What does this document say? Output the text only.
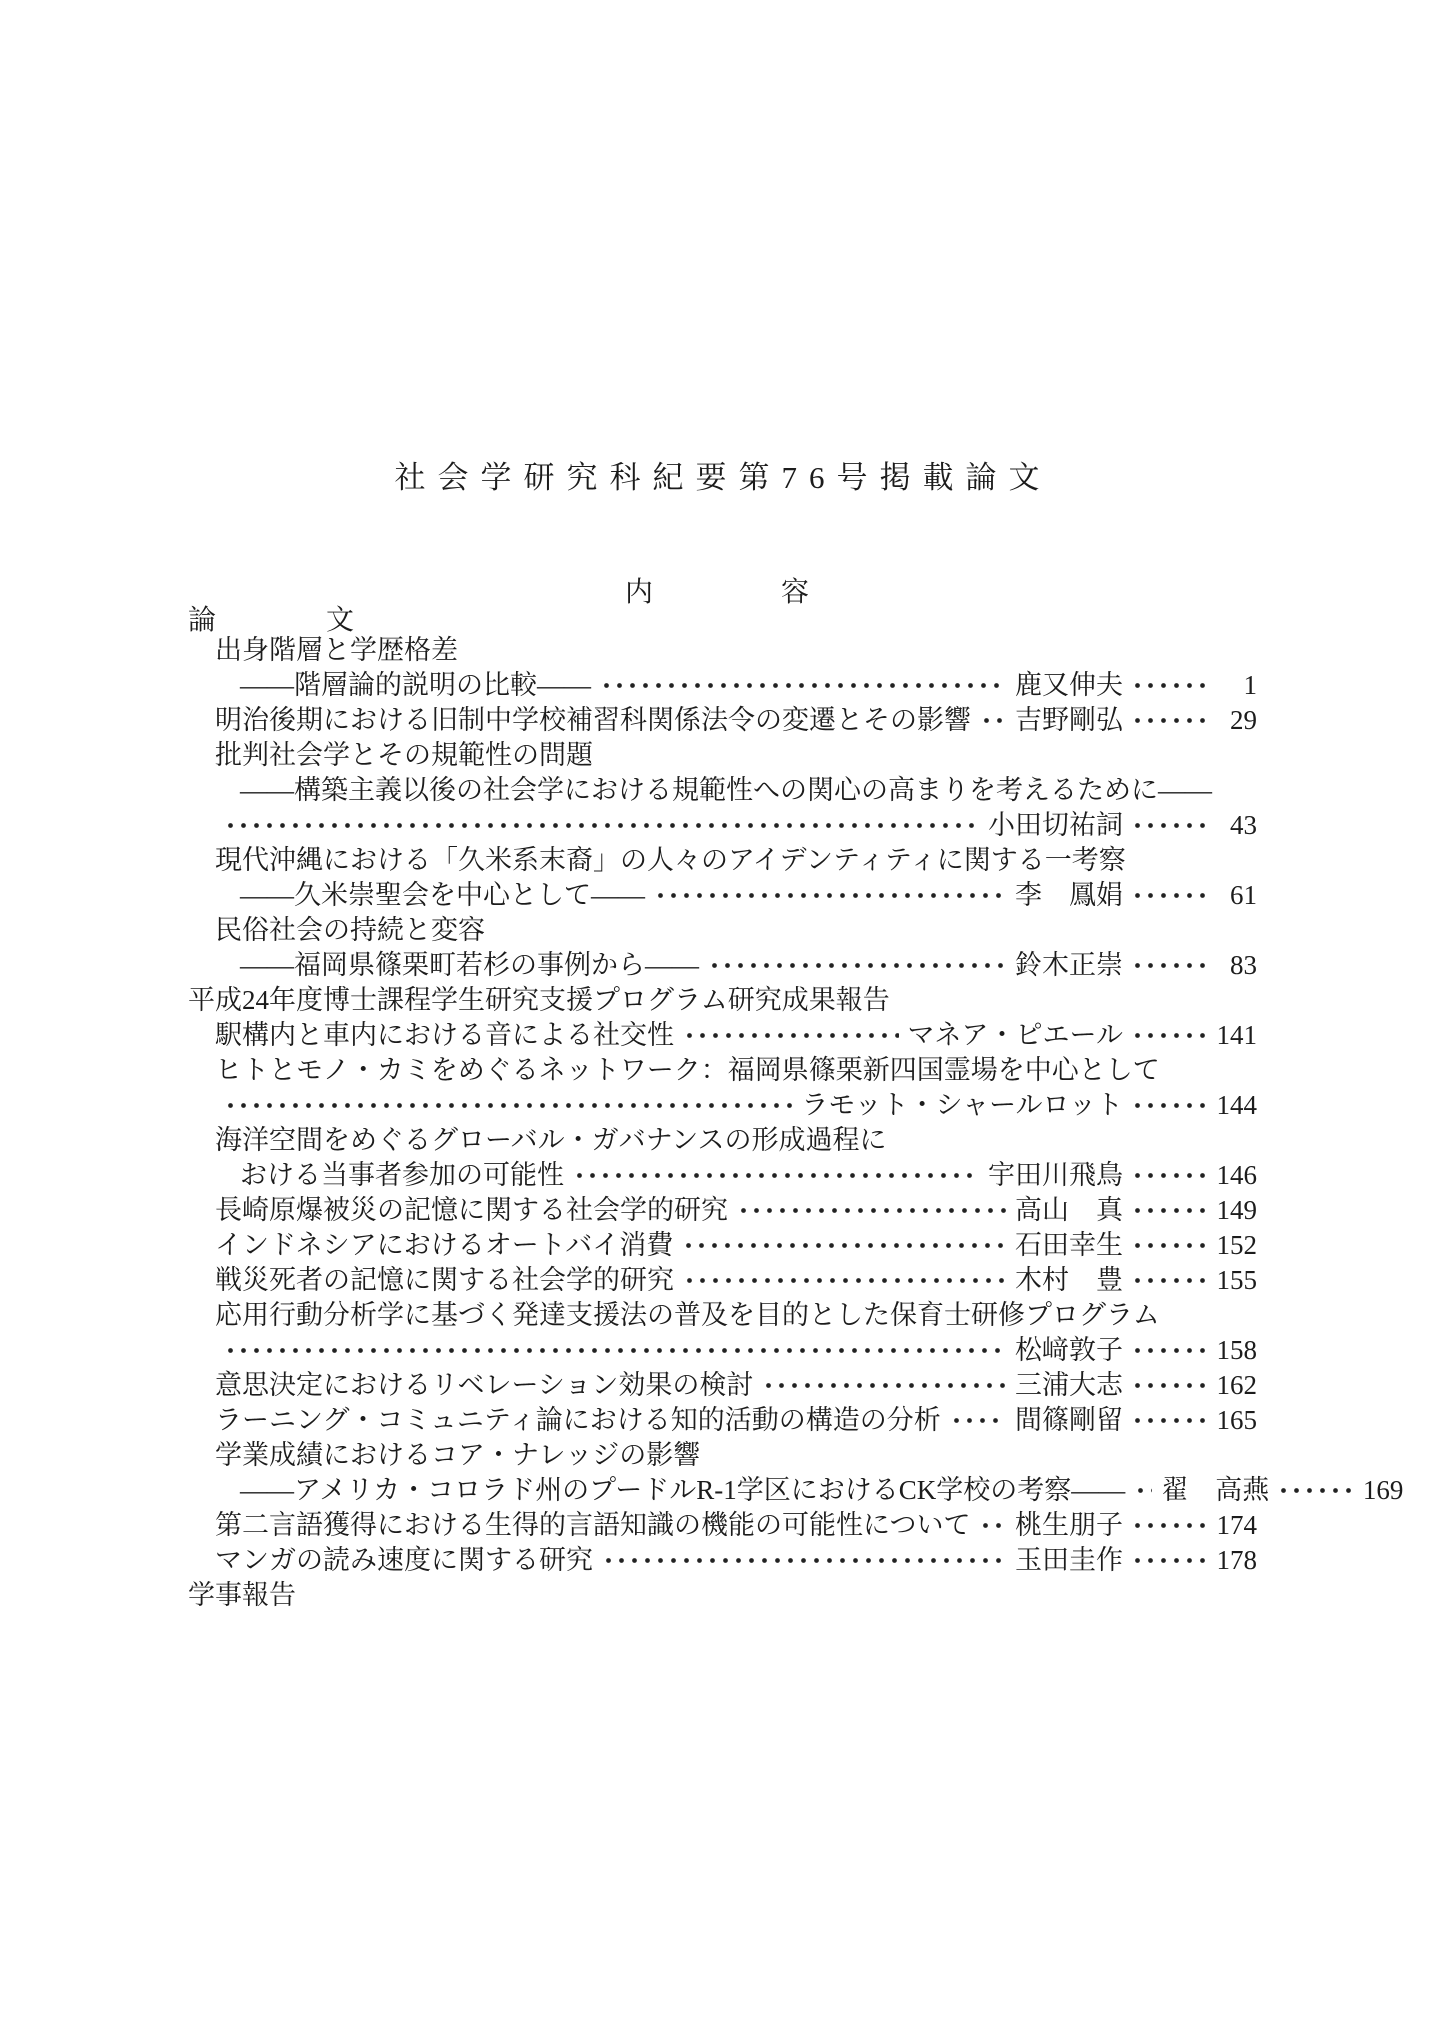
社会学研究科紀要第76号掲載論文
内	容
論	文
出身階層と学歴格差
——階層論的説明の比較——	鹿又伸夫	1
明治後期における旧制中学校補習科関係法令の変遷とその影響 吉野剛弘	29
批判社会学とその規範性の問題
——構築主義以後の社会学における規範性への関心の高まりを考えるために——
小田切祐詞	43
現代沖縄における「久米系末裔」の人々のアイデンティティに関する一考察
——久米崇聖会を中心として——	李　鳳娟	61
民俗社会の持続と変容
——福岡県篠栗町若杉の事例から——	鈴木正崇	83
平成24年度博士課程学生研究支援プログラム研究成果報告
駅構内と車内における音による社交性	マネア・ピエール	141
ヒトとモノ・カミをめぐるネットワーク：福岡県篠栗新四国霊場を中心として
ラモット・シャールロット	144
海洋空間をめぐるグローバル・ガバナンスの形成過程に
おける当事者参加の可能性	宇田川飛鳥	146
長崎原爆被災の記憶に関する社会学的研究	高山　真	149
インドネシアにおけるオートバイ消費	石田幸生	152
戦災死者の記憶に関する社会学的研究	木村　豊	155
応用行動分析学に基づく発達支援法の普及を目的とした保育士研修プログラム
松﨑敦子	158
意思決定におけるリベレーション効果の検討	三浦大志	162
ラーニング・コミュニティ論における知的活動の構造の分析	間篠剛留	165
学業成績におけるコア・ナレッジの影響
——アメリカ・コロラド州のプードルR-1学区におけるCK学校の考察—— 翟　高燕	169
第二言語獲得における生得的言語知識の機能の可能性について 桃生朋子	174
マンガの読み速度に関する研究	玉田圭作	178
学事報告
